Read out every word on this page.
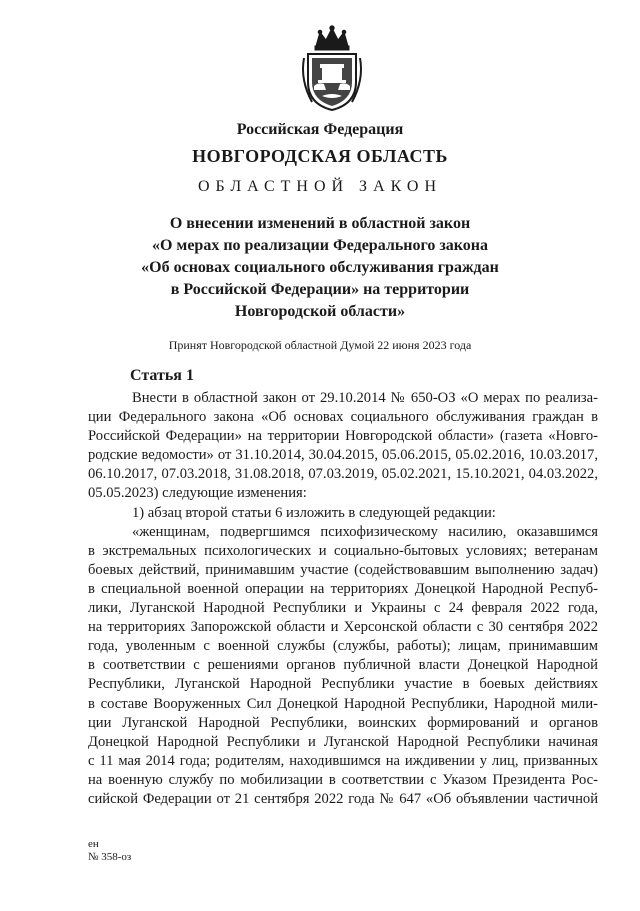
Российская Федерация
НОВГОРОДСКАЯ ОБЛАСТЬ
ОБЛАСТНОЙ ЗАКОН
О внесении изменений в областной закон
«О мерах по реализации Федерального закона
«Об основах социального обслуживания граждан
в Российской Федерации» на территории
Новгородской области»
Принят Новгородской областной Думой 22 июня 2023 года
Статья 1
Внести в областной закон от 29.10.2014 № 650-ОЗ «О мерах по реализа-
ции Федерального закона «Об основах социального обслуживания граждан в
Российской Федерации» на территории Новгородской области» (газета «Новго-
родские ведомости» от 31.10.2014, 30.04.2015, 05.06.2015, 05.02.2016, 10.03.2017,
06.10.2017, 07.03.2018, 31.08.2018, 07.03.2019, 05.02.2021, 15.10.2021, 04.03.2022,
05.05.2023) следующие изменения:
1) абзац второй статьи 6 изложить в следующей редакции:
«женщинам, подвергшимся психофизическому насилию, оказавшимся
в экстремальных психологических и социально-бытовых условиях; ветеранам
боевых действий, принимавшим участие (содействовавшим выполнению задач)
в специальной военной операции на территориях Донецкой Народной Респуб-
лики, Луганской Народной Республики и Украины с 24 февраля 2022 года,
на территориях Запорожской области и Херсонской области с 30 сентября 2022
года, уволенным с военной службы (службы, работы); лицам, принимавшим
в соответствии с решениями органов публичной власти Донецкой Народной
Республики, Луганской Народной Республики участие в боевых действиях
в составе Вооруженных Сил Донецкой Народной Республики, Народной мили-
ции Луганской Народной Республики, воинских формирований и органов
Донецкой Народной Республики и Луганской Народной Республики начиная
с 11 мая 2014 года; родителям, находившимся на иждивении у лиц, призванных
на военную службу по мобилизации в соответствии с Указом Президента Рос-
сийской Федерации от 21 сентября 2022 года № 647 «Об объявлении частичной
ен
№ 358-оз
